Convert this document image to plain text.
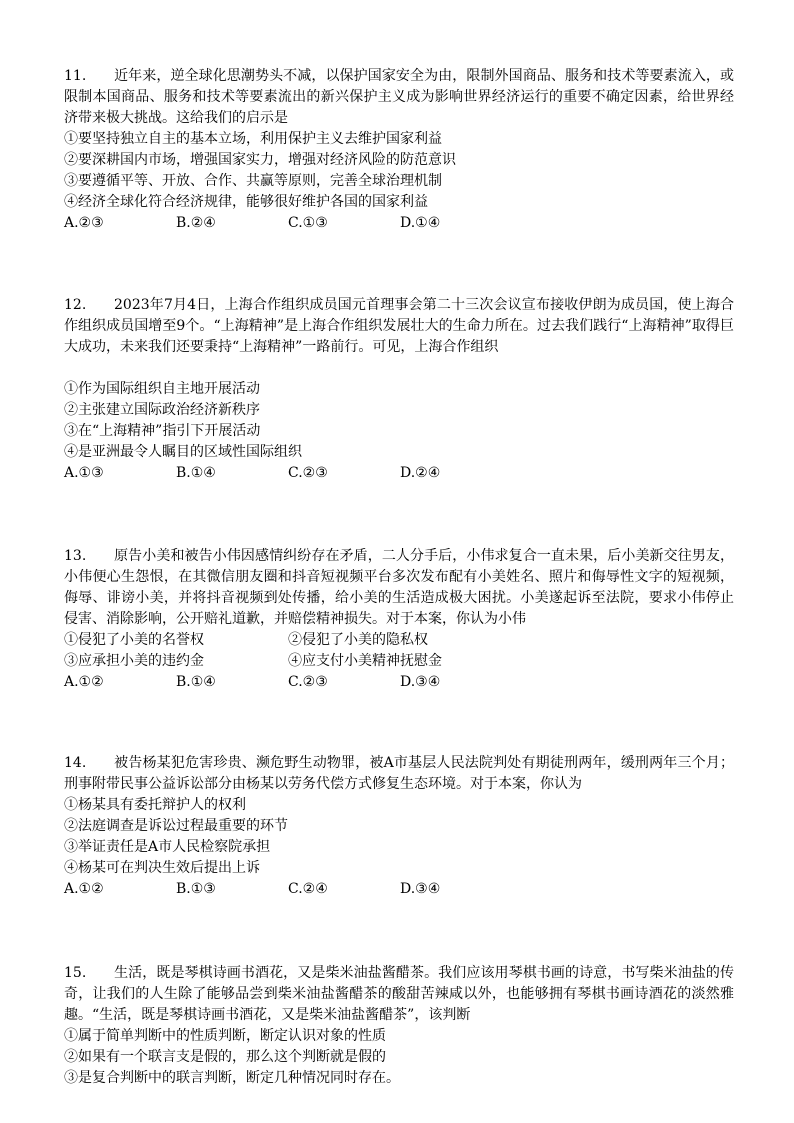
11. 近年来，逆全球化思潮势头不减，以保护国家安全为由，限制外国商品、服务和技术等要素流入，或限制本国商品、服务和技术等要素流出的新兴保护主义成为影响世界经济运行的重要不确定因素，给世界经济带来极大挑战。这给我们的启示是

①要坚持独立自主的基本立场，利用保护主义去维护国家利益

②要深耕国内市场，增强国家实力，增强对经济风险的防范意识

③要遵循平等、开放、合作、共赢等原则，完善全球治理机制

④经济全球化符合经济规律，能够很好维护各国的国家利益

A.②③	B.②④	C.①③	D.①④

12. 2023年7月4日，上海合作组织成员国元首理事会第二十三次会议宣布接收伊朗为成员国，使上海合作组织成员国增至9个。“上海精神”是上海合作组织发展壮大的生命力所在。过去我们践行“上海精神”取得巨大成功，未来我们还要秉持“上海精神”一路前行。可见，上海合作组织

①作为国际组织自主地开展活动

②主张建立国际政治经济新秩序

③在“上海精神”指引下开展活动

④是亚洲最令人瞩目的区域性国际组织

A.①③	B.①④	C.②③	D.②④

13. 原告小美和被告小伟因感情纠纷存在矛盾，二人分手后，小伟求复合一直未果，后小美新交往男友，小伟便心生怨恨，在其微信朋友圈和抖音短视频平台多次发布配有小美姓名、照片和侮辱性文字的短视频，侮辱、诽谤小美，并将抖音视频到处传播，给小美的生活造成极大困扰。小美遂起诉至法院，要求小伟停止侵害、消除影响，公开赔礼道歉，并赔偿精神损失。对于本案，你认为小伟

①侵犯了小美的名誉权	②侵犯了小美的隐私权
③应承担小美的违约金	④应支付小美精神抚慰金

A.①②	B.①④	C.②③	D.③④

14. 被告杨某犯危害珍贵、濒危野生动物罪，被A市基层人民法院判处有期徒刑两年，缓刑两年三个月；刑事附带民事公益诉讼部分由杨某以劳务代偿方式修复生态环境。对于本案，你认为

①杨某具有委托辩护人的权利

②法庭调查是诉讼过程最重要的环节

③举证责任是A市人民检察院承担

④杨某可在判决生效后提出上诉

A.①②	B.①③	C.②④	D.③④

15. 生活，既是琴棋诗画书酒花，又是柴米油盐酱醋茶。我们应该用琴棋书画的诗意，书写柴米油盐的传奇，让我们的人生除了能够品尝到柴米油盐酱醋茶的酸甜苦辣咸以外，也能够拥有琴棋书画诗酒花的淡然雅趣。“生活，既是琴棋诗画书酒花，又是柴米油盐酱醋茶”，该判断

①属于简单判断中的性质判断，断定认识对象的性质

②如果有一个联言支是假的，那么这个判断就是假的

③是复合判断中的联言判断，断定几种情况同时存在。
